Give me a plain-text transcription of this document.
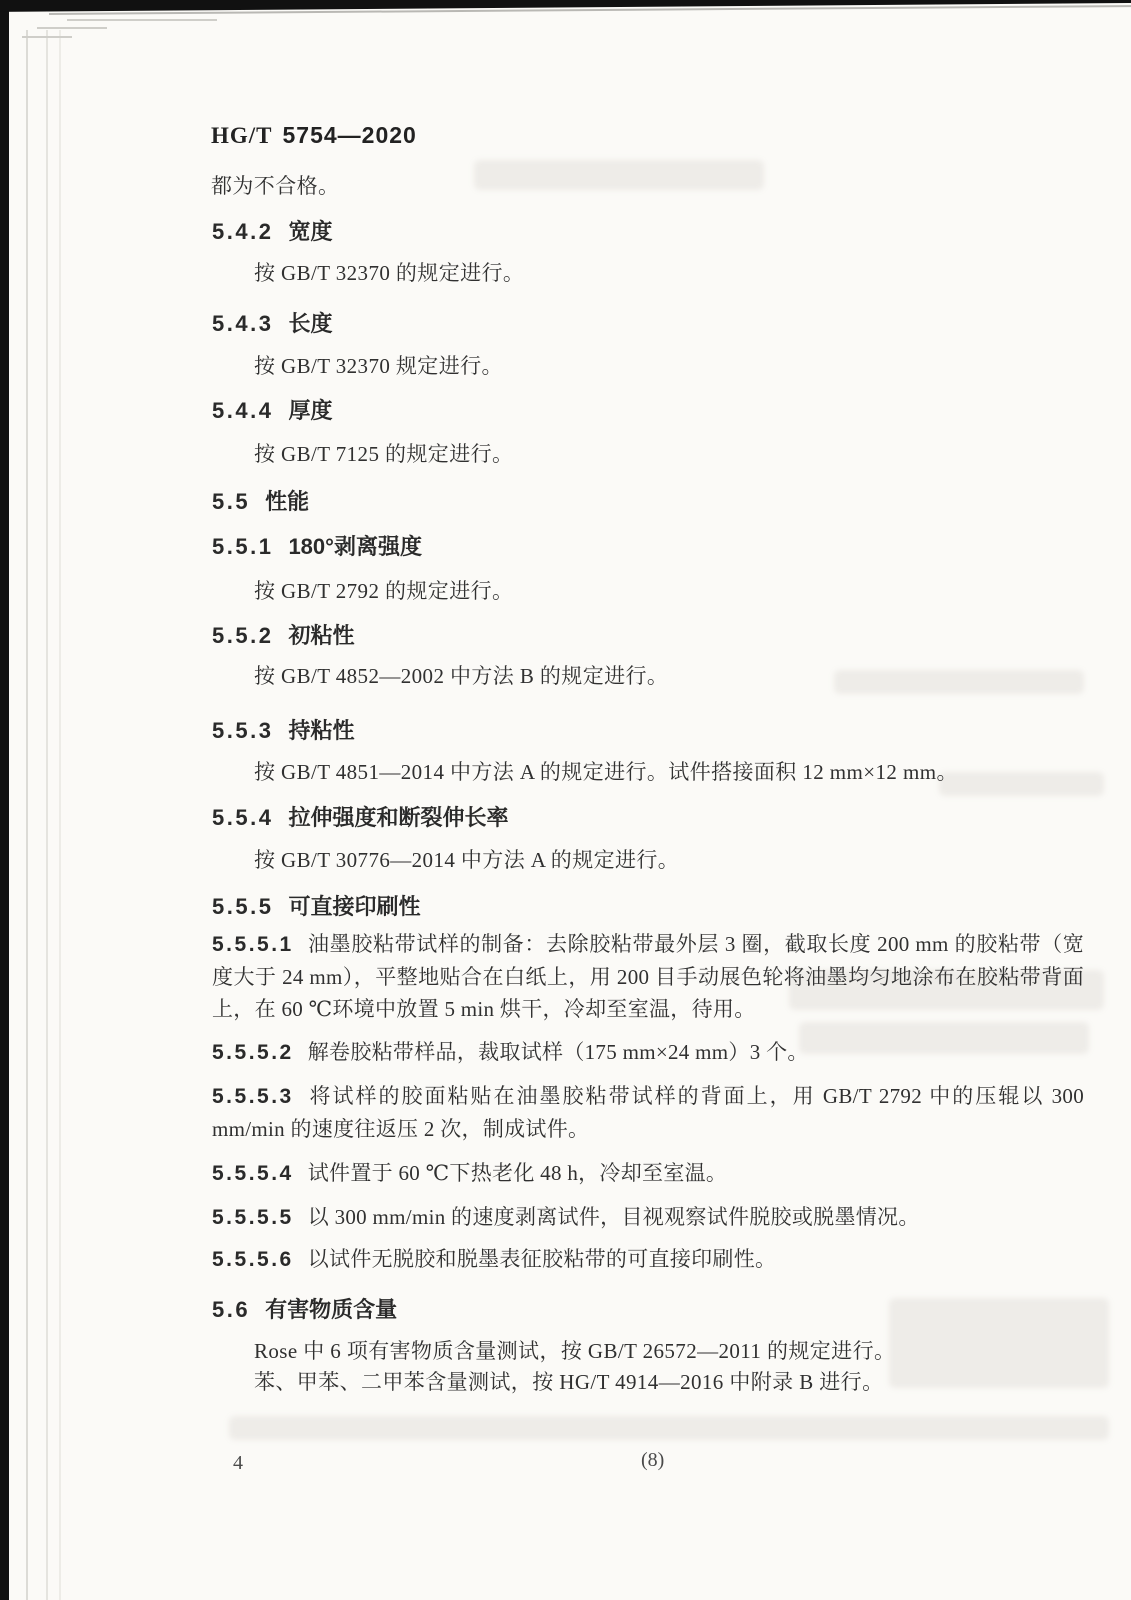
HG/T 5754—2020
都为不合格。
5.4.2 宽度
按 GB/T 32370 的规定进行。
5.4.3 长度
按 GB/T 32370 规定进行。
5.4.4 厚度
按 GB/T 7125 的规定进行。
5.5 性能
5.5.1 180°剥离强度
按 GB/T 2792 的规定进行。
5.5.2 初粘性
按 GB/T 4852—2002 中方法 B 的规定进行。
5.5.3 持粘性
按 GB/T 4851—2014 中方法 A 的规定进行。试件搭接面积 12 mm×12 mm。
5.5.4 拉伸强度和断裂伸长率
按 GB/T 30776—2014 中方法 A 的规定进行。
5.5.5 可直接印刷性
5.5.5.1 油墨胶粘带试样的制备：去除胶粘带最外层 3 圈，截取长度 200 mm 的胶粘带（宽度大于 24 mm），平整地贴合在白纸上，用 200 目手动展色轮将油墨均匀地涂布在胶粘带背面上，在 60 ℃环境中放置 5 min 烘干，冷却至室温，待用。
5.5.5.2 解卷胶粘带样品，裁取试样（175 mm×24 mm）3 个。
5.5.5.3 将试样的胶面粘贴在油墨胶粘带试样的背面上，用 GB/T 2792 中的压辊以 300 mm/min 的速度往返压 2 次，制成试件。
5.5.5.4 试件置于 60 ℃下热老化 48 h，冷却至室温。
5.5.5.5 以 300 mm/min 的速度剥离试件，目视观察试件脱胶或脱墨情况。
5.5.5.6 以试件无脱胶和脱墨表征胶粘带的可直接印刷性。
5.6 有害物质含量
Rose 中 6 项有害物质含量测试，按 GB/T 26572—2011 的规定进行。
苯、甲苯、二甲苯含量测试，按 HG/T 4914—2016 中附录 B 进行。
4	(8)
